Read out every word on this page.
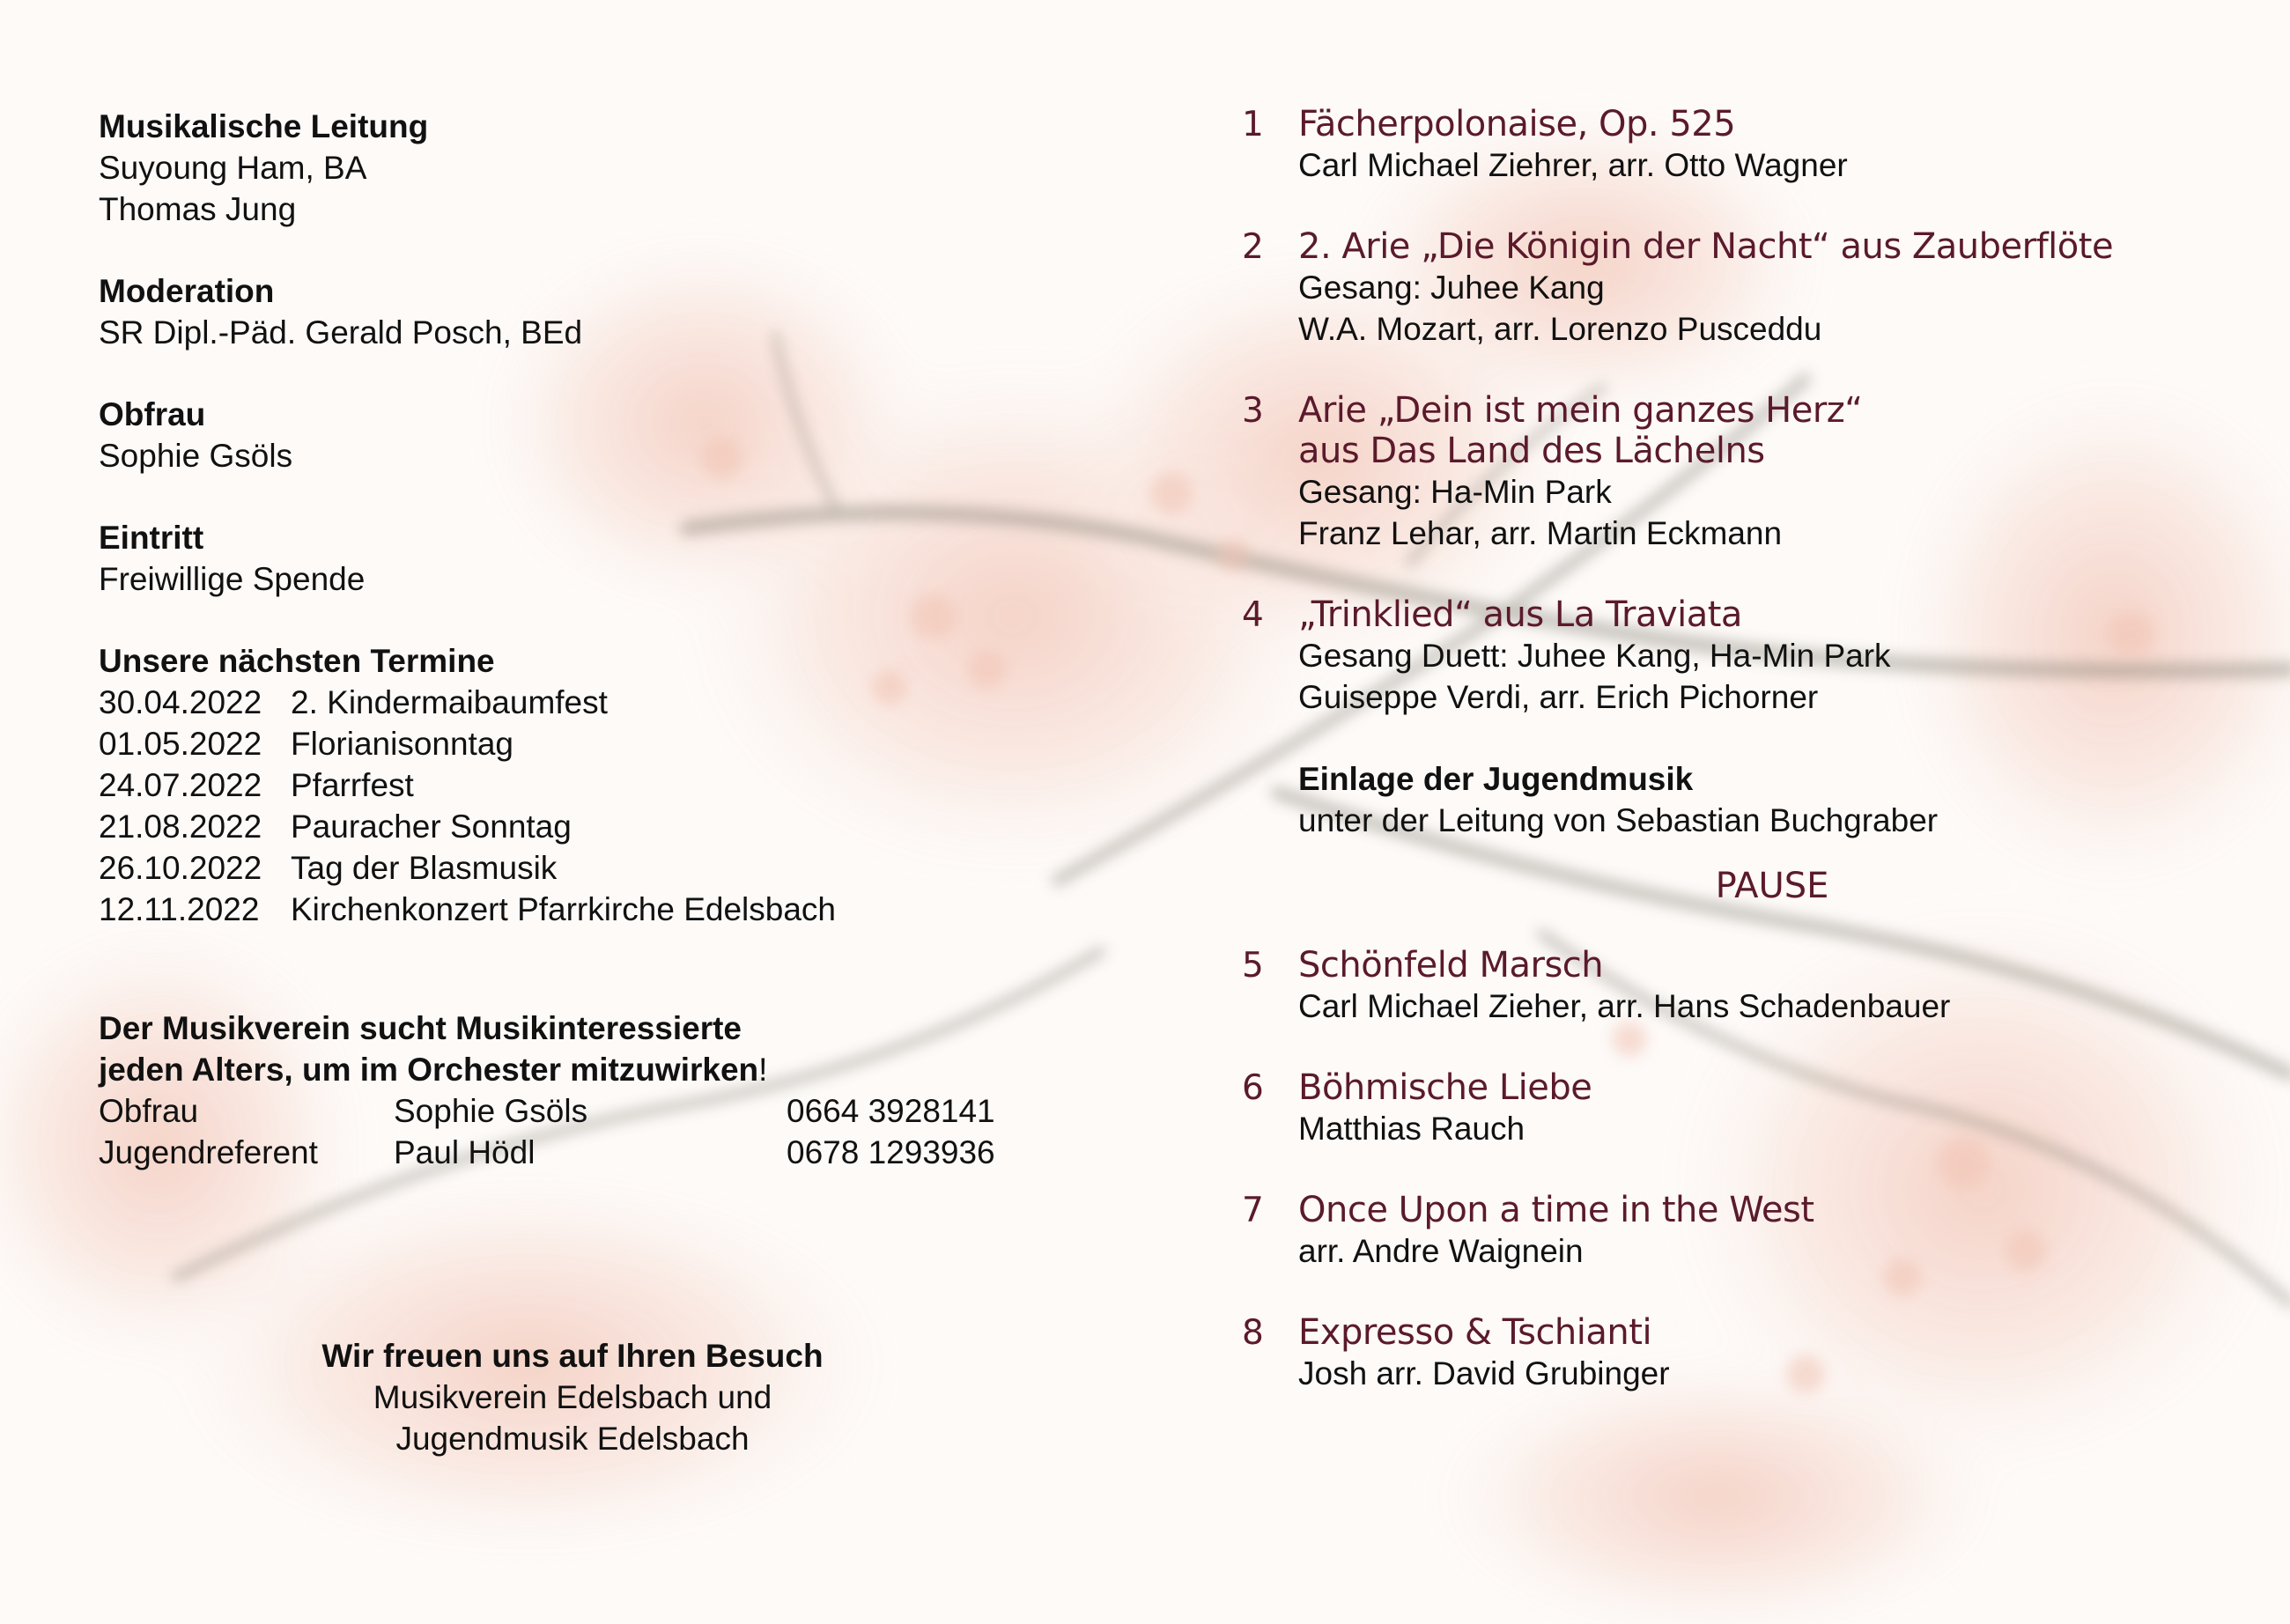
Musikalische Leitung

Suyoung Ham, BA

Thomas Jung

Moderation

SR Dipl.-Päd. Gerald Posch, BEd

Obfrau

Sophie Gsöls

Eintritt

Freiwillige Spende

Unsere nächsten Termine
30.04.2022 2. Kindermaibaumfest
01.05.2022 Florianisonntag
24.07.2022 Pfarrfest
21.08.2022 Pauracher Sonntag
26.10.2022 Tag der Blasmusik
12.11.2022 Kirchenkonzert Pfarrkirche Edelsbach
Der Musikverein sucht Musikinteressierte
jeden Alters, um im Orchester mitzuwirken!
Obfrau	Sophie Gsöls	0664 3928141
Jugendreferent	Paul Hödl	0678 1293936
Wir freuen uns auf Ihren Besuch
Musikverein Edelsbach und
Jugendmusik Edelsbach
1 Fächerpolonaise, Op. 525
Carl Michael Ziehrer, arr. Otto Wagner
2 2. Arie „Die Königin der Nacht“ aus Zauberflöte
Gesang: Juhee Kang
W.A. Mozart, arr. Lorenzo Pusceddu
3 Arie „Dein ist mein ganzes Herz“
aus Das Land des Lächelns
Gesang: Ha-Min Park
Franz Lehar, arr. Martin Eckmann
4 „Trinklied“ aus La Traviata
Gesang Duett: Juhee Kang, Ha-Min Park
Guiseppe Verdi, arr. Erich Pichorner
Einlage der Jugendmusik
unter der Leitung von Sebastian Buchgraber
PAUSE
5 Schönfeld Marsch
Carl Michael Zieher, arr. Hans Schadenbauer
6 Böhmische Liebe
Matthias Rauch
7 Once Upon a time in the West
arr. Andre Waignein
8 Expresso & Tschianti
Josh arr. David Grubinger
